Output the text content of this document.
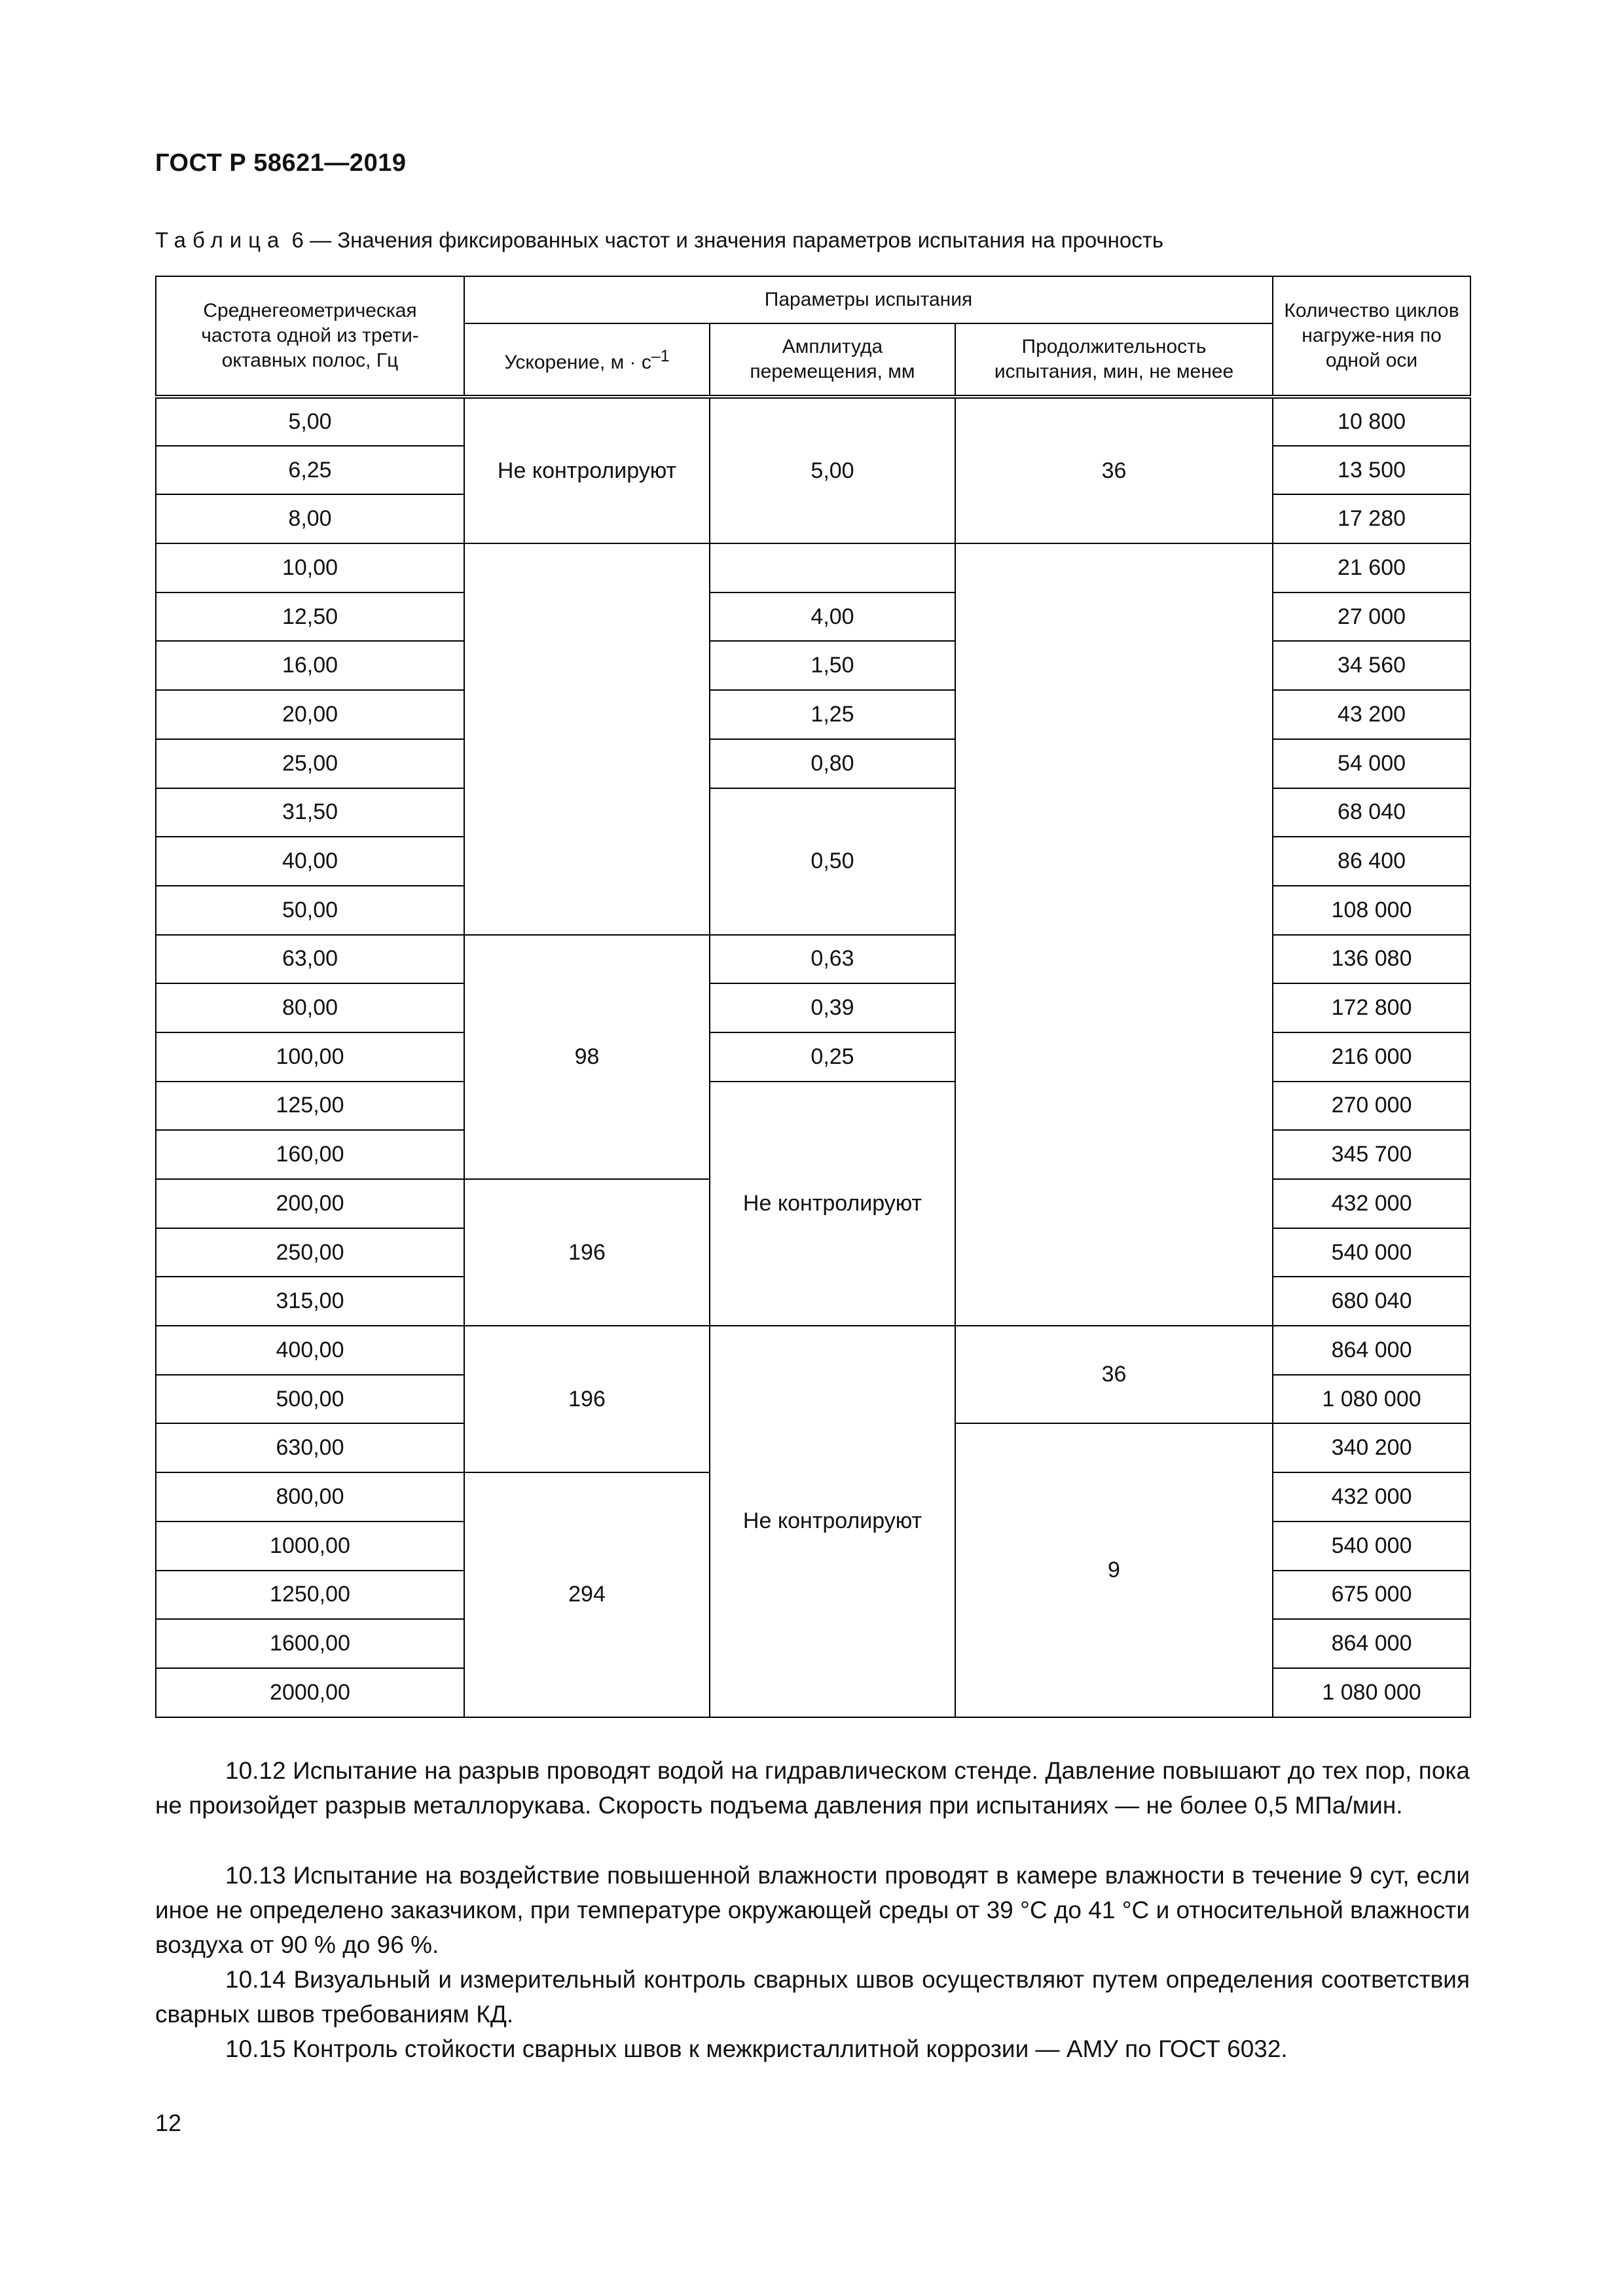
ГОСТ Р 58621—2019
Таблица 6 — Значения фиксированных частот и значения параметров испытания на прочность
Среднегеометрическая частота одной из трети-октавных полос, Гц	Параметры испытания			Количество циклов нагруже-ния по одной оси
	Ускорение, $м \cdot с^{-1}$	Амплитуда перемещения, мм	Продолжительность испытания, мин, не менее	
5,00	Не контролируют	5,00	36	10 800
6,25				13 500
8,00				17 280
10,00				21 600
12,50		4,00		27 000
16,00		1,50		34 560
20,00		1,25		43 200
25,00		0,80		54 000
31,50		0,50		68 040
40,00				86 400
50,00				108 000
63,00	98	0,63		136 080
80,00		0,39		172 800
100,00		0,25		216 000
125,00		Не контролируют		270 000
160,00				345 700
200,00	196			432 000
250,00				540 000
315,00				680 040
400,00	196	Не контролируют	36	864 000
500,00				1 080 000
630,00			9	340 200
800,00	294			432 000
1000,00				540 000
1250,00				675 000
1600,00				864 000
2000,00				1 080 000
10.12 Испытание на разрыв проводят водой на гидравлическом стенде. Давление повышают до тех пор, пока не произойдет разрыв металлорукава. Скорость подъема давления при испытаниях — не более 0,5 МПа/мин.
10.13 Испытание на воздействие повышенной влажности проводят в камере влажности в течение 9 сут, если иное не определено заказчиком, при температуре окружающей среды от 39 °С до 41 °С и относительной влажности воздуха от 90 % до 96 %.
10.14 Визуальный и измерительный контроль сварных швов осуществляют путем определения соответствия сварных швов требованиям КД.
10.15 Контроль стойкости сварных швов к межкристаллитной коррозии — АМУ по ГОСТ 6032.
12
